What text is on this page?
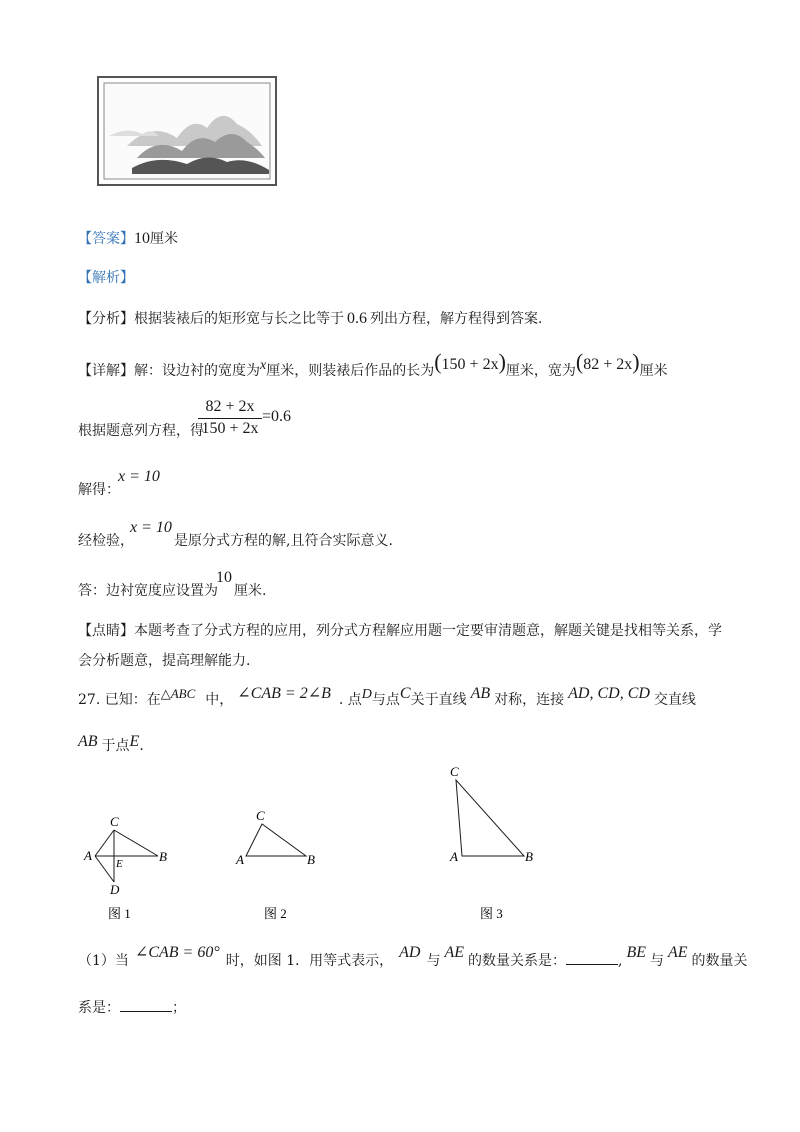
【答案】10厘米
【解析】
【分析】根据装裱后的矩形宽与长之比等于 0.6 列出方程，解方程得到答案.
【详解】解：设边衬的宽度为x厘米，则装裱后作品的长为(150 + 2x)厘米，宽为(82 + 2x)厘米
根据题意列方程，得
82 + 2x
150 + 2x
=0.6
解得：
x = 10
经检验，
x = 10
是原分式方程的解,且符合实际意义.
答：边衬宽度应设置为
10
厘米.
【点睛】本题考查了分式方程的应用，列分式方程解应用题一定要审清题意，解题关键是找相等关系，学
会分析题意，提高理解能力.
27. 已知：在△ABC 中， ∠CAB = 2∠B . 点D与点C关于直线 AB 对称，连接 AD, CD, CD 交直线
AB 于点E.
C
A	B
E
D
图 1
C
A	B
图 2
C
A	B
图 3
（1）当 ∠CAB = 60° 时，如图 1．用等式表示， AD 与 AE 的数量关系是：	, BE 与 AE 的数量关
系是：	；
